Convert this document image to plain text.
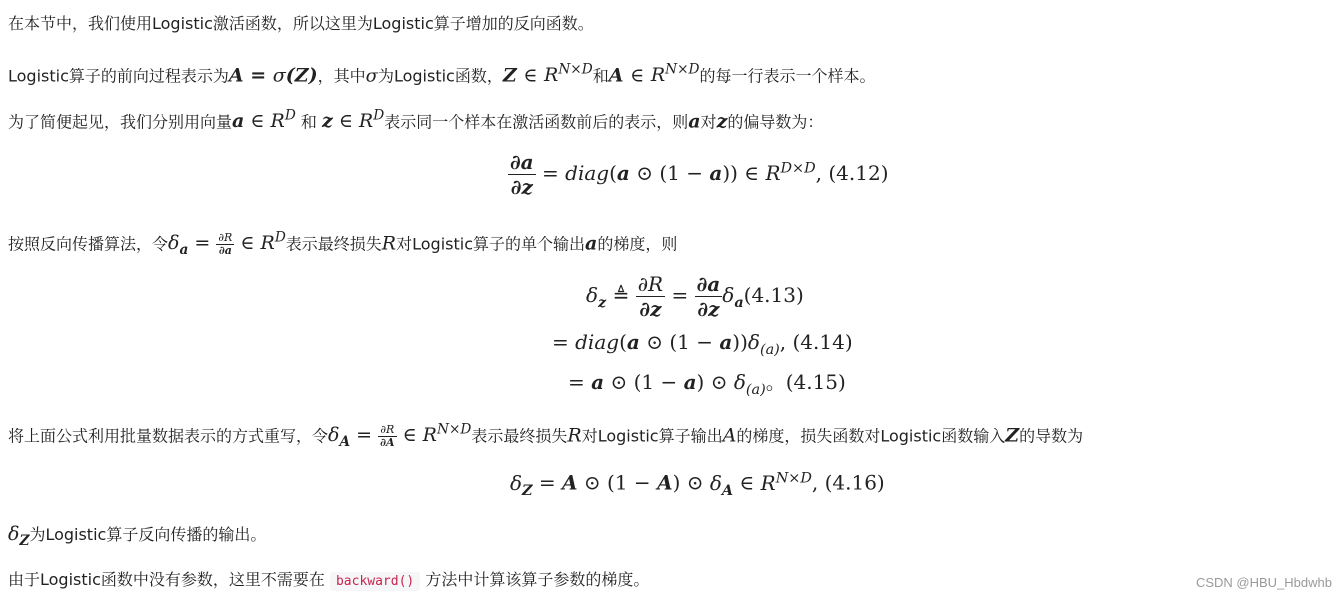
在本节中，我们使用Logistic激活函数，所以这里为Logistic算子增加的反向函数。
Logistic算子的前向过程表示为A = σ(Z)，其中σ为Logistic函数，Z ∈ $R^{N\times D}$和A ∈ $R^{N\times D}$的每一行表示一个样本。
为了简便起见，我们分别用向量a ∈ $R^D$ 和 z ∈ $R^D$表示同一个样本在激活函数前后的表示，则a对z的偏导数为：
$\frac{\partial a}{\partial z}$ = diag(a ⊙ (1 − a)) ∈ $R^{D\times D}$, (4.12)
按照反向传播算法，令$\delta_a = \frac{\partial R}{\partial a}$ ∈ $R^D$表示最终损失R对Logistic算子的单个输出a的梯度，则
$\delta_z$ ≜ $\frac{\partial R}{\partial z} = \frac{\partial a}{\partial z} \delta_a(4.13)$
= diag(a ⊙ $(1 - a))\delta_{(a)}$, (4.14)
= a ⊙ (1 − a) ⊙ $\delta_{(a)}$。(4.15)
将上面公式利用批量数据表示的方式重写，令$\delta_A = \frac{\partial R}{\partial A}$ ∈ $R^{N\times D}$表示最终损失R对Logistic算子输出A的梯度，损失函数对Logistic函数输入Z的导数为
$\delta_Z = A$ ⊙ (1 − A) ⊙ $\delta_A$ ∈ $R^{N\times D}$, (4.16)
$\delta_Z$为Logistic算子反向传播的输出。
由于Logistic函数中没有参数，这里不需要在 backward() 方法中计算该算子参数的梯度。	CSDN @HBU_Hbdwhb
